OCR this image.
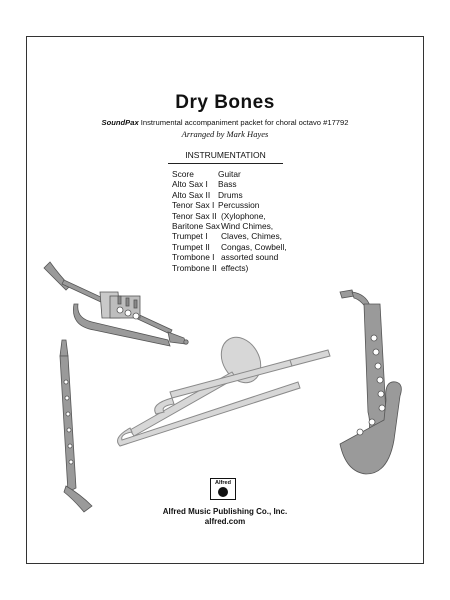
Dry Bones
SoundPax Instrumental accompaniment packet for choral octavo #17792
Arranged by Mark Hayes
INSTRUMENTATION
Score
Alto Sax I
Alto Sax II
Tenor Sax I
Tenor Sax II
Baritone Sax
Trumpet I
Trumpet II
Trombone I
Trombone II
Guitar
Bass
Drums
Percussion
(Xylophone,
Wind Chimes,
Claves, Chimes,
Congas, Cowbell,
assorted sound
effects)
Alfred
Alfred Music Publishing Co., Inc.
alfred.com
